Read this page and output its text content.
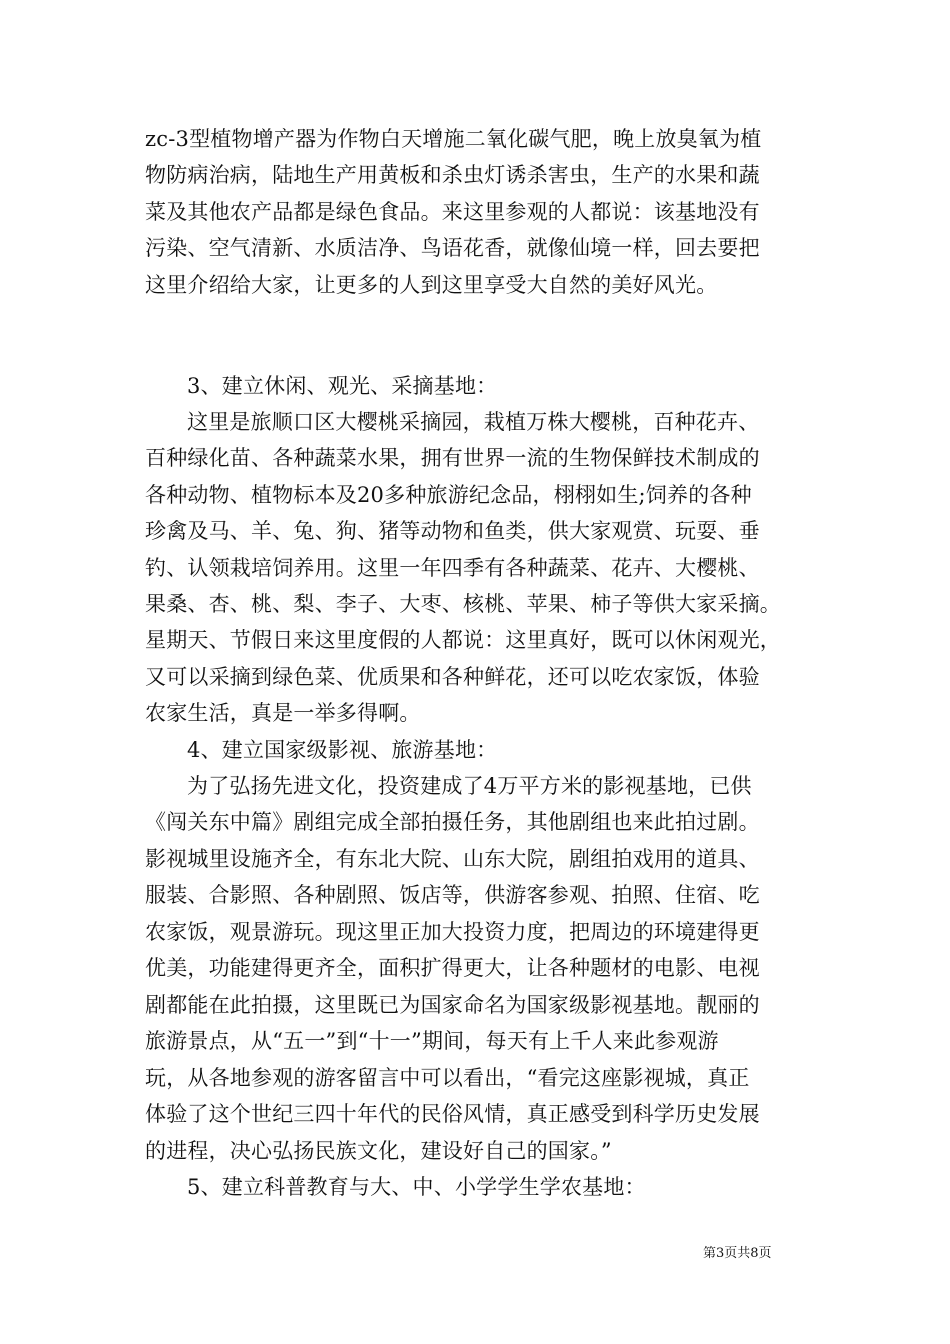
zc-3型植物增产器为作物白天增施二氧化碳气肥，晚上放臭氧为植
物防病治病，陆地生产用黄板和杀虫灯诱杀害虫，生产的水果和蔬
菜及其他农产品都是绿色食品。来这里参观的人都说：该基地没有
污染、空气清新、水质洁净、鸟语花香，就像仙境一样，回去要把
这里介绍给大家，让更多的人到这里享受大自然的美好风光。
3、建立休闲、观光、采摘基地：
这里是旅顺口区大樱桃采摘园，栽植万株大樱桃，百种花卉、
百种绿化苗、各种蔬菜水果，拥有世界一流的生物保鲜技术制成的
各种动物、植物标本及20多种旅游纪念品，栩栩如生;饲养的各种
珍禽及马、羊、兔、狗、猪等动物和鱼类，供大家观赏、玩耍、垂
钓、认领栽培饲养用。这里一年四季有各种蔬菜、花卉、大樱桃、
果桑、杏、桃、梨、李子、大枣、核桃、苹果、柿子等供大家采摘。
星期天、节假日来这里度假的人都说：这里真好，既可以休闲观光，
又可以采摘到绿色菜、优质果和各种鲜花，还可以吃农家饭，体验
农家生活，真是一举多得啊。
4、建立国家级影视、旅游基地：
为了弘扬先进文化，投资建成了4万平方米的影视基地，已供
《闯关东中篇》剧组完成全部拍摄任务，其他剧组也来此拍过剧。
影视城里设施齐全，有东北大院、山东大院，剧组拍戏用的道具、
服装、合影照、各种剧照、饭店等，供游客参观、拍照、住宿、吃
农家饭，观景游玩。现这里正加大投资力度，把周边的环境建得更
优美，功能建得更齐全，面积扩得更大，让各种题材的电影、电视
剧都能在此拍摄，这里既已为国家命名为国家级影视基地。靓丽的
旅游景点，从“五一”到“十一”期间，每天有上千人来此参观游
玩，从各地参观的游客留言中可以看出，“看完这座影视城，真正
体验了这个世纪三四十年代的民俗风情，真正感受到科学历史发展
的进程，决心弘扬民族文化，建设好自己的国家。”
5、建立科普教育与大、中、小学学生学农基地：
第3页共8页
